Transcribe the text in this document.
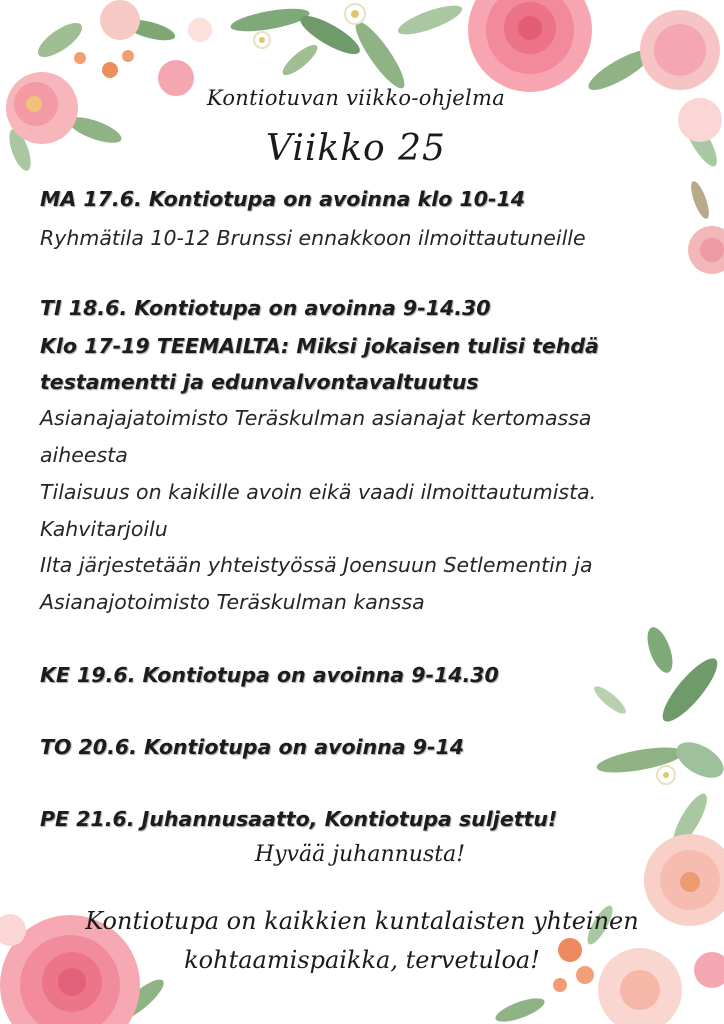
Kontiotuvan viikko-ohjelma
Viikko 25
MA 17.6. Kontiotupa on avoinna klo 10-14
Ryhmätila 10-12 Brunssi ennakkoon ilmoittautuneille
TI 18.6. Kontiotupa on avoinna 9-14.30
Klo 17-19 TEEMAILTA: Miksi jokaisen tulisi tehdä
testamentti ja edunvalvontavaltuutus
Asianajajatoimisto Teräskulman asianajat kertomassa
aiheesta
Tilaisuus on kaikille avoin eikä vaadi ilmoittautumista.
Kahvitarjoilu
Ilta järjestetään yhteistyössä Joensuun Setlementin ja
Asianajotoimisto Teräskulman kanssa
KE 19.6. Kontiotupa on avoinna 9-14.30
TO 20.6. Kontiotupa on avoinna 9-14
PE 21.6. Juhannusaatto, Kontiotupa suljettu!
Hyvää juhannusta!
Kontiotupa on kaikkien kuntalaisten yhteinen
kohtaamispaikka, tervetuloa!
